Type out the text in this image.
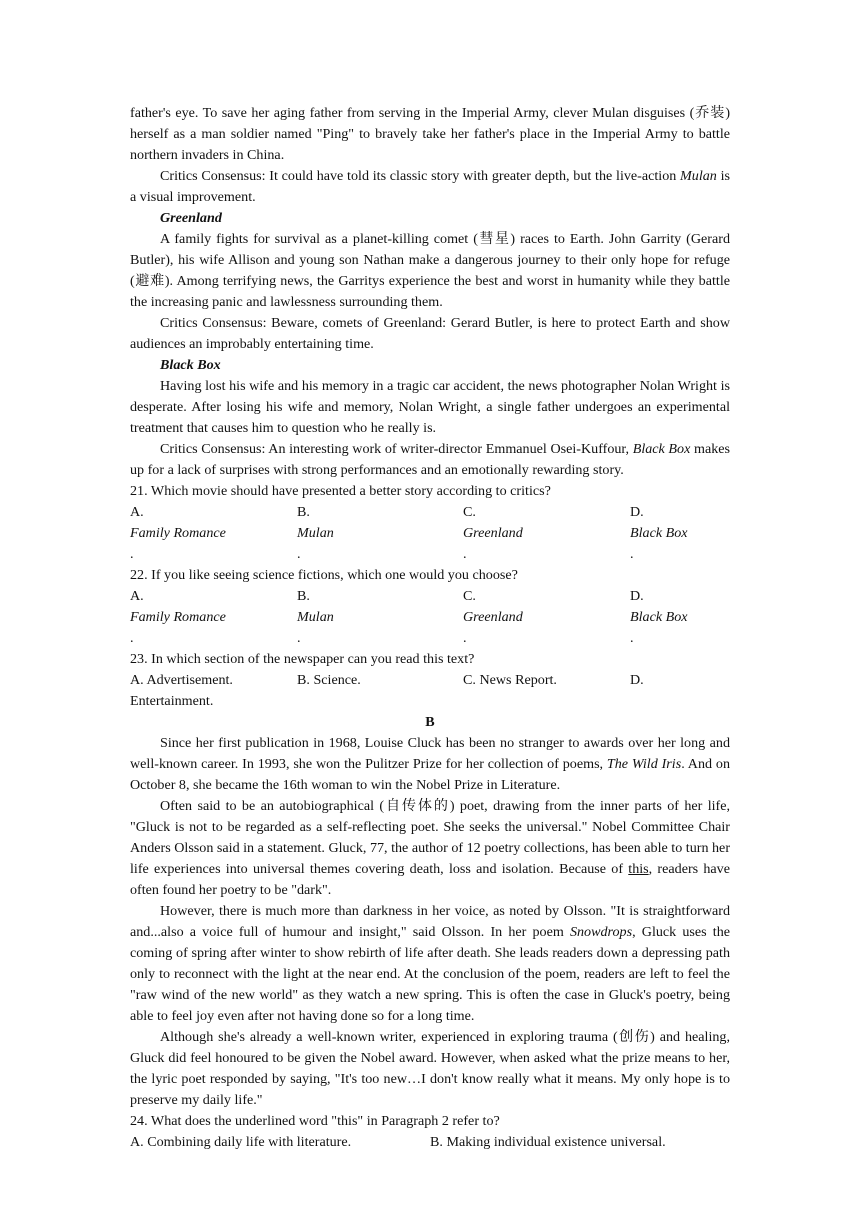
father's eye. To save her aging father from serving in the Imperial Army, clever Mulan disguises (乔装) herself as a man soldier named "Ping" to bravely take her father's place in the Imperial Army to battle northern invaders in China.

Critics Consensus: It could have told its classic story with greater depth, but the live-action Mulan is a visual improvement.

Greenland

A family fights for survival as a planet-killing comet (彗星) races to Earth. John Garrity (Gerard Butler), his wife Allison and young son Nathan make a dangerous journey to their only hope for refuge (避难). Among terrifying news, the Garritys experience the best and worst in humanity while they battle the increasing panic and lawlessness surrounding them.

Critics Consensus: Beware, comets of Greenland: Gerard Butler, is here to protect Earth and show audiences an improbably entertaining time.

Black Box

Having lost his wife and his memory in a tragic car accident, the news photographer Nolan Wright is desperate. After losing his wife and memory, Nolan Wright, a single father undergoes an experimental treatment that causes him to question who he really is.

Critics Consensus: An interesting work of writer-director Emmanuel Osei-Kuffour, Black Box makes up for a lack of surprises with strong performances and an emotionally rewarding story.

21. Which movie should have presented a better story according to critics?

A.
Family Romance
.
B.
Mulan
.
C.
Greenland
.
D.
Black Box
.

22. If you like seeing science fictions, which one would you choose?

A.
Family Romance
.
B.
Mulan
.
C.
Greenland
.
D.
Black Box
.

23. In which section of the newspaper can you read this text?

A. Advertisement.	B. Science.	C. News Report.	D.

Entertainment.

B

Since her first publication in 1968, Louise Cluck has been no stranger to awards over her long and well-known career. In 1993, she won the Pulitzer Prize for her collection of poems, The Wild Iris. And on October 8, she became the 16th woman to win the Nobel Prize in Literature.

Often said to be an autobiographical (自传体的) poet, drawing from the inner parts of her life, "Gluck is not to be regarded as a self-reflecting poet. She seeks the universal." Nobel Committee Chair Anders Olsson said in a statement. Gluck, 77, the author of 12 poetry collections, has been able to turn her life experiences into universal themes covering death, loss and isolation. Because of this, readers have often found her poetry to be "dark".

However, there is much more than darkness in her voice, as noted by Olsson. "It is straightforward and...also a voice full of humour and insight," said Olsson. In her poem Snowdrops, Gluck uses the coming of spring after winter to show rebirth of life after death. She leads readers down a depressing path only to reconnect with the light at the near end. At the conclusion of the poem, readers are left to feel the "raw wind of the new world" as they watch a new spring. This is often the case in Gluck's poetry, being able to feel joy even after not having done so for a long time.

Although she's already a well-known writer, experienced in exploring trauma (创伤) and healing, Gluck did feel honoured to be given the Nobel award. However, when asked what the prize means to her, the lyric poet responded by saying, "It's too new…I don't know really what it means. My only hope is to preserve my daily life."

24. What does the underlined word "this" in Paragraph 2 refer to?

A. Combining daily life with literature.	B. Making individual existence universal.
